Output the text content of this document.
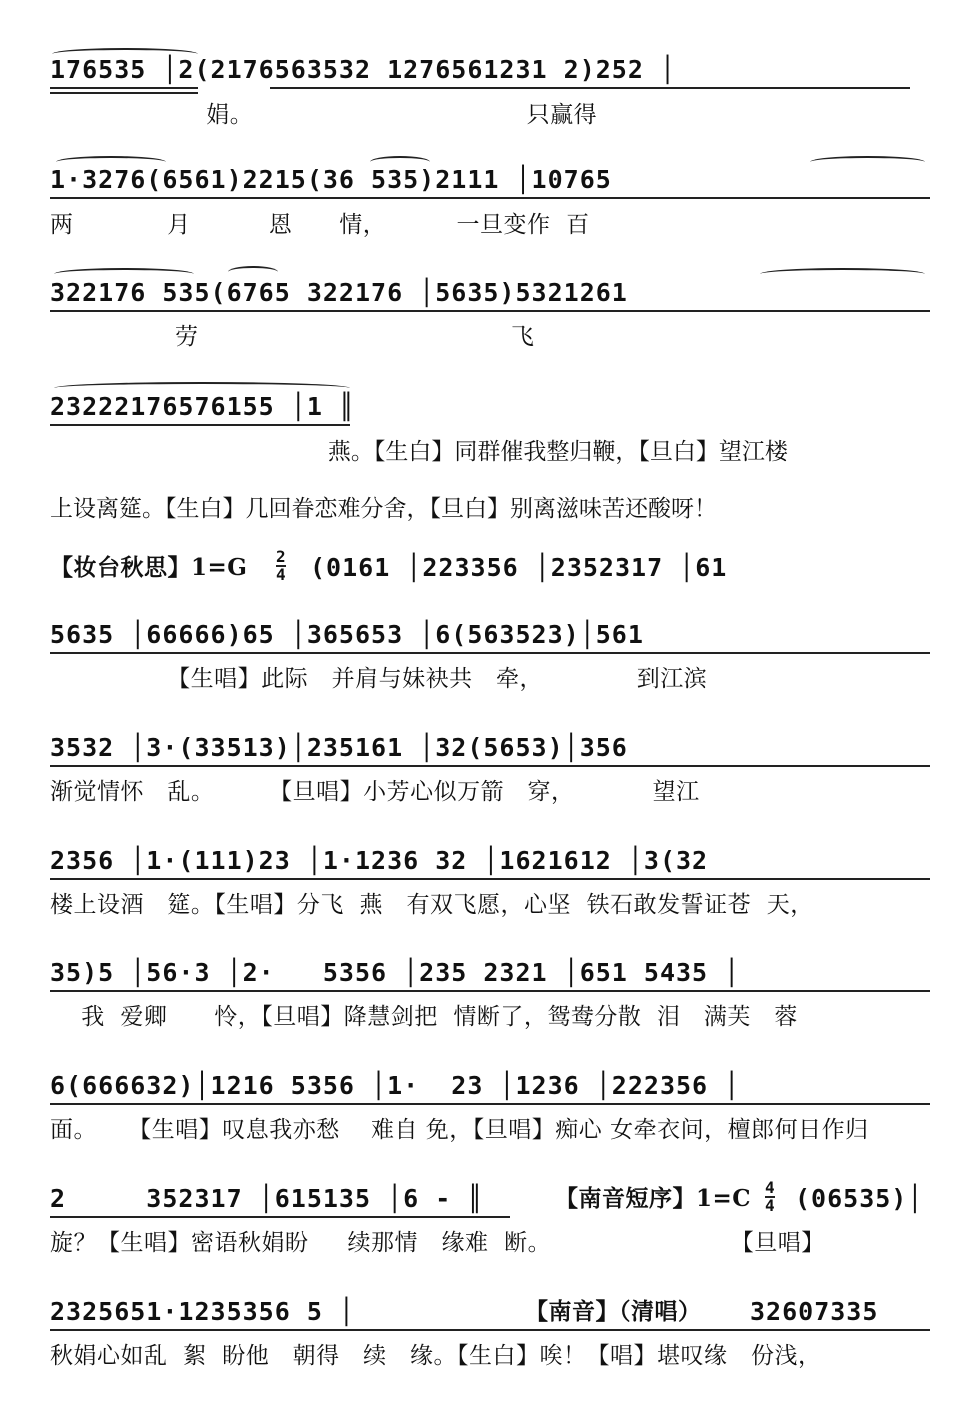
176535 │2(2176563532 1276561231 2)252 │
娟。                                   只赢得
1·3276(6561)2215(36 535)2111 │10765
两            月          恩      情，         一旦变作  百
322176 535(6765 322176 │5635)5321261
劳                                        飞
23222176576155 │1 ║
燕。【生白】同群催我整归鞭，【旦白】望江楼
上设离筵。【生白】几回眷恋难分舍，【旦白】别离滋味苦还酸呀！
【妆台秋思】1=G	2
4 (0161 │223356 │2352317 │61
5635 │66666)65 │365653 │6(563523)│561
【生唱】此际   并肩与妹袂共   牵，            到江滨
3532 │3·(33513)│235161 │32(5653)│356
渐觉情怀   乱。       【旦唱】小芳心似万箭   穿，          望江
2356 │1·(111)23 │1·1236 32 │1621612 │3(32
楼上设酒   筵。【生唱】分飞  燕   有双飞愿，心坚  铁石敢发誓证苍  天，
35)5 │56·3 │2·   5356 │235 2321 │651 5435 │
我  爱卿      怜，【旦唱】降慧剑把  情断了，鸳鸯分散  泪   满芙   蓉
6(666632)│1216 5356 │1·  23 │1236 │222356 │
面。    【生唱】叹息我亦愁    难自 免，【旦唱】痴心 女牵衣问，檀郎何日作归
2     352317 │615135 │6 - ║	【南音短序】1=C 4
4 (06535)│
旋？【生唱】密语秋娟盼     续那情   缘难  断。                       【旦唱】
2325651·1235356 5 │	【南音】（清唱） 32607335
秋娟心如乱  絮  盼他   朝得   续   缘。【生白】唉！【唱】堪叹缘   份浅，
